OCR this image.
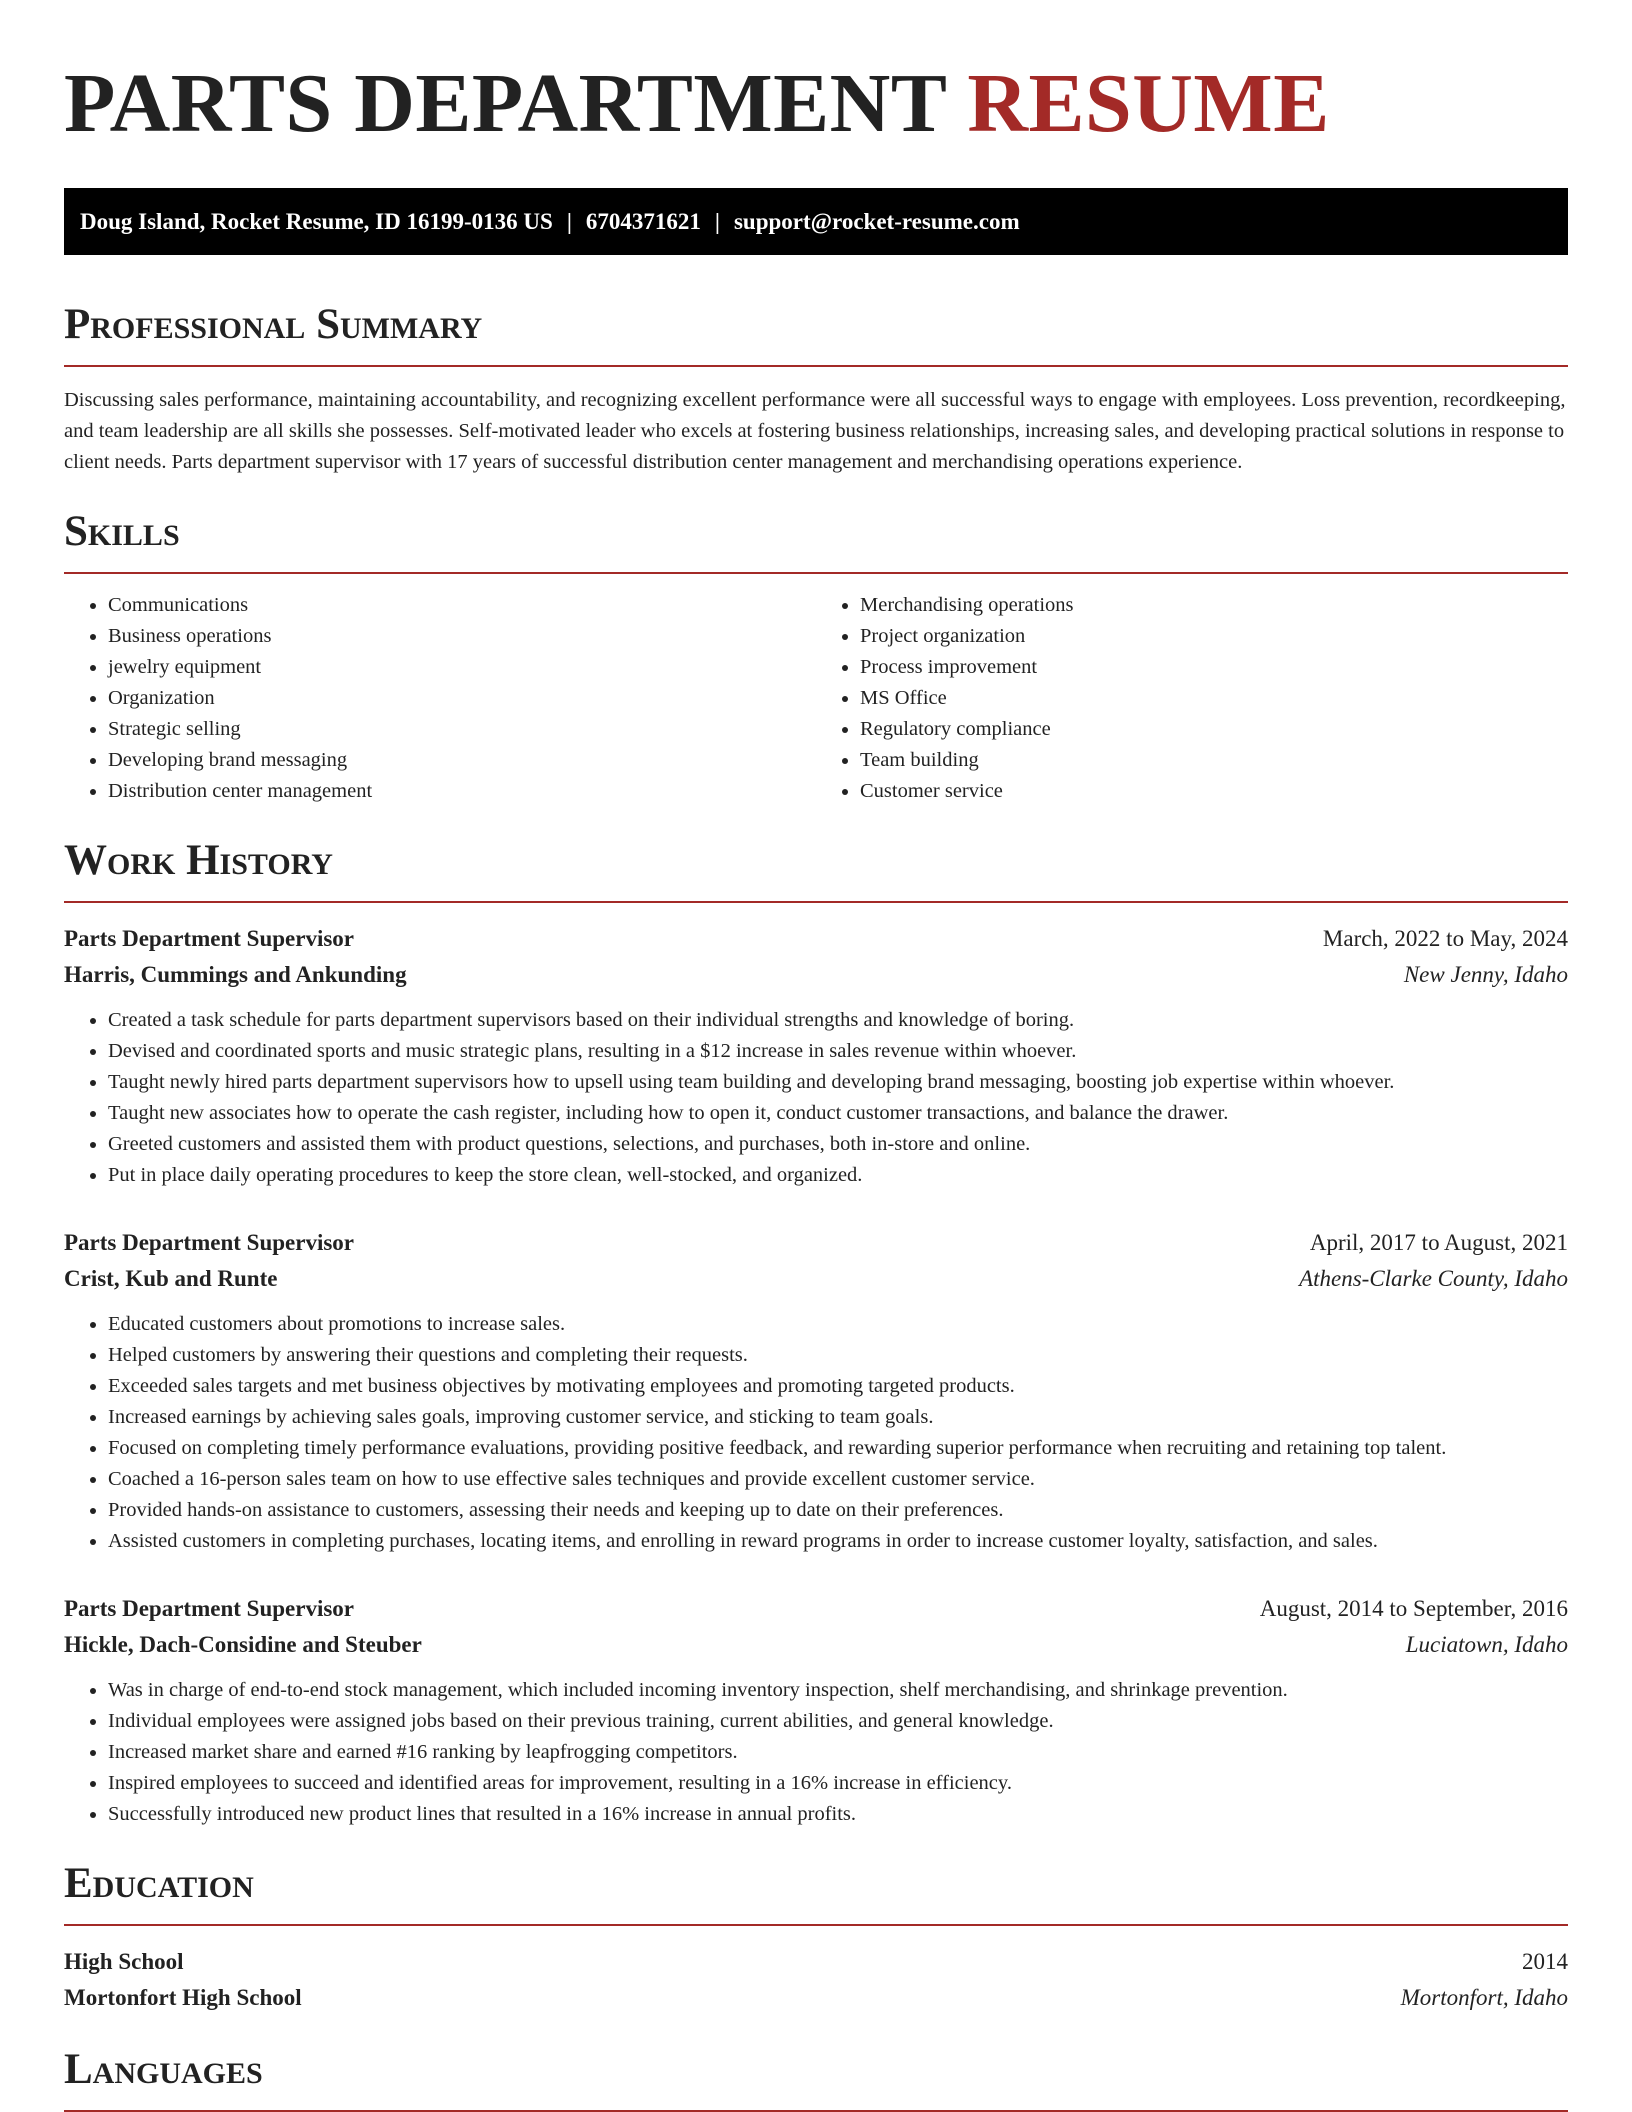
PARTS DEPARTMENT RESUME
Doug Island, Rocket Resume, ID 16199-0136 US | 6704371621 | support@rocket-resume.com
Professional Summary

Discussing sales performance, maintaining accountability, and recognizing excellent performance were all successful ways to engage with employees. Loss prevention, recordkeeping, and team leadership are all skills she possesses. Self-motivated leader who excels at fostering business relationships, increasing sales, and developing practical solutions in response to client needs. Parts department supervisor with 17 years of successful distribution center management and merchandising operations experience.

Skills
• Communications
• Business operations
• jewelry equipment
• Organization
• Strategic selling
• Developing brand messaging
• Distribution center management
• Merchandising operations
• Project organization
• Process improvement
• MS Office
• Regulatory compliance
• Team building
• Customer service
Work History
Parts Department Supervisor	March, 2022 to May, 2024
Harris, Cummings and Ankunding	New Jenny, Idaho
• Created a task schedule for parts department supervisors based on their individual strengths and knowledge of boring.
• Devised and coordinated sports and music strategic plans, resulting in a $12 increase in sales revenue within whoever.
• Taught newly hired parts department supervisors how to upsell using team building and developing brand messaging, boosting job expertise within whoever.
• Taught new associates how to operate the cash register, including how to open it, conduct customer transactions, and balance the drawer.
• Greeted customers and assisted them with product questions, selections, and purchases, both in-store and online.
• Put in place daily operating procedures to keep the store clean, well-stocked, and organized.
Parts Department Supervisor	April, 2017 to August, 2021
Crist, Kub and Runte	Athens-Clarke County, Idaho
• Educated customers about promotions to increase sales.
• Helped customers by answering their questions and completing their requests.
• Exceeded sales targets and met business objectives by motivating employees and promoting targeted products.
• Increased earnings by achieving sales goals, improving customer service, and sticking to team goals.
• Focused on completing timely performance evaluations, providing positive feedback, and rewarding superior performance when recruiting and retaining top talent.
• Coached a 16-person sales team on how to use effective sales techniques and provide excellent customer service.
• Provided hands-on assistance to customers, assessing their needs and keeping up to date on their preferences.
• Assisted customers in completing purchases, locating items, and enrolling in reward programs in order to increase customer loyalty, satisfaction, and sales.
Parts Department Supervisor	August, 2014 to September, 2016
Hickle, Dach-Considine and Steuber	Luciatown, Idaho
• Was in charge of end-to-end stock management, which included incoming inventory inspection, shelf merchandising, and shrinkage prevention.
• Individual employees were assigned jobs based on their previous training, current abilities, and general knowledge.
• Increased market share and earned #16 ranking by leapfrogging competitors.
• Inspired employees to succeed and identified areas for improvement, resulting in a 16% increase in efficiency.
• Successfully introduced new product lines that resulted in a 16% increase in annual profits.
Education
High School	2014
Mortonfort High School	Mortonfort, Idaho
Languages
